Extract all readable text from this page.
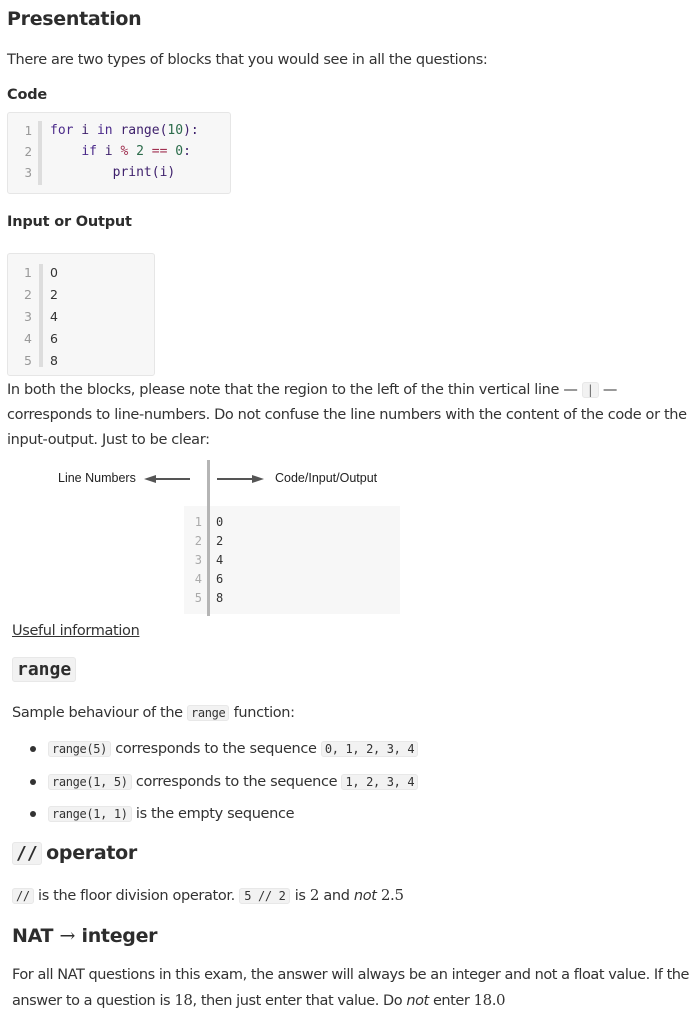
Presentation
There are two types of blocks that you would see in all the questions:
Code
1
2
3
for i in range(10):
if i % 2 == 0:
print(i)
Input or Output
1
2
3
4
5
0
2
4
6
8
In both the blocks, please note that the region to the left of the thin vertical line — | —
corresponds to line-numbers. Do not confuse the line numbers with the content of the code or the
input-output. Just to be clear:
Line Numbers	Code/Input/Output
1
2
3
4
5
0
2
4
6
8
Useful information
range
Sample behaviour of the range function:
range(5) corresponds to the sequence 0, 1, 2, 3, 4
range(1, 5) corresponds to the sequence 1, 2, 3, 4
range(1, 1) is the empty sequence
// operator
// is the floor division operator. 5 // 2 is 2 and not 2.5
NAT → integer
For all NAT questions in this exam, the answer will always be an integer and not a float value. If the
answer to a question is 18, then just enter that value. Do not enter 18.0
